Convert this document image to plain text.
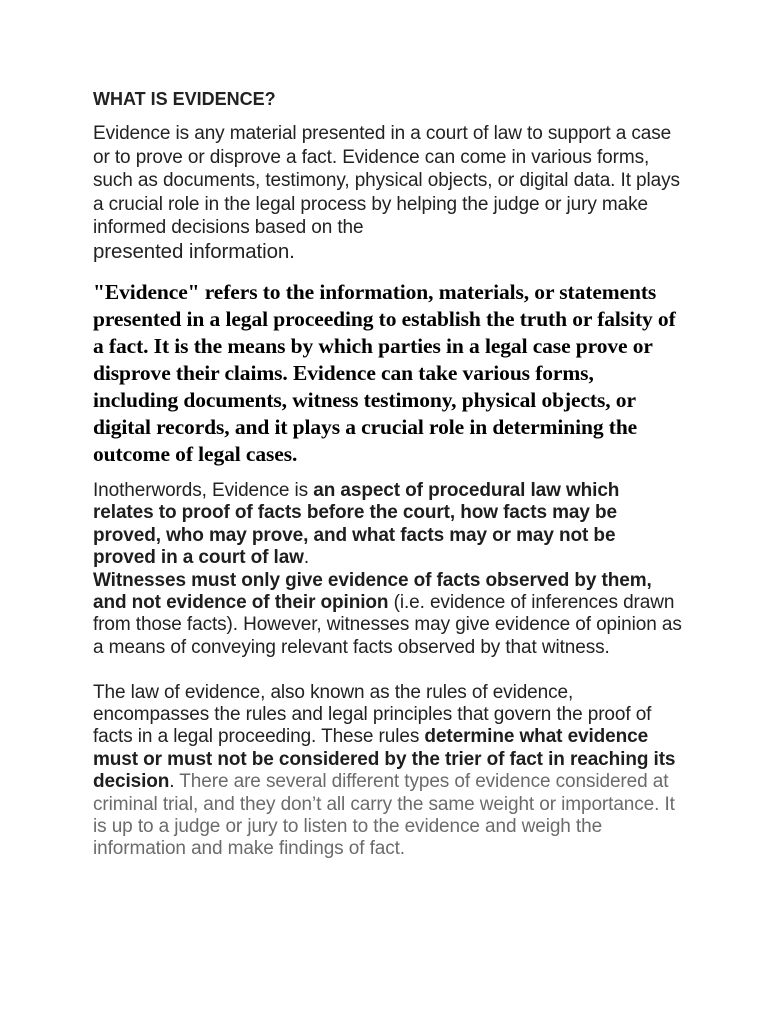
WHAT IS EVIDENCE?

Evidence is any material presented in a court of law to support a case or to prove or disprove a fact. Evidence can come in various forms, such as documents, testimony, physical objects, or digital data. It plays a crucial role in the legal process by helping the judge or jury make informed decisions based on the
presented information.

"Evidence" refers to the information, materials, or statements presented in a legal proceeding to establish the truth or falsity of a fact. It is the means by which parties in a legal case prove or disprove their claims. Evidence can take various forms, including documents, witness testimony, physical objects, or digital records, and it plays a crucial role in determining the outcome of legal cases.

Inotherwords, Evidence is an aspect of procedural law which relates to proof of facts before the court, how facts may be proved, who may prove, and what facts may or may not be proved in a court of law.
Witnesses must only give evidence of facts observed by them, and not evidence of their opinion (i.e. evidence of inferences drawn from those facts). However, witnesses may give evidence of opinion as a means of conveying relevant facts observed by that witness.

The law of evidence, also known as the rules of evidence, encompasses the rules and legal principles that govern the proof of facts in a legal proceeding. These rules determine what evidence must or must not be considered by the trier of fact in reaching its decision. There are several different types of evidence considered at criminal trial, and they don’t all carry the same weight or importance. It is up to a judge or jury to listen to the evidence and weigh the information and make findings of fact.
